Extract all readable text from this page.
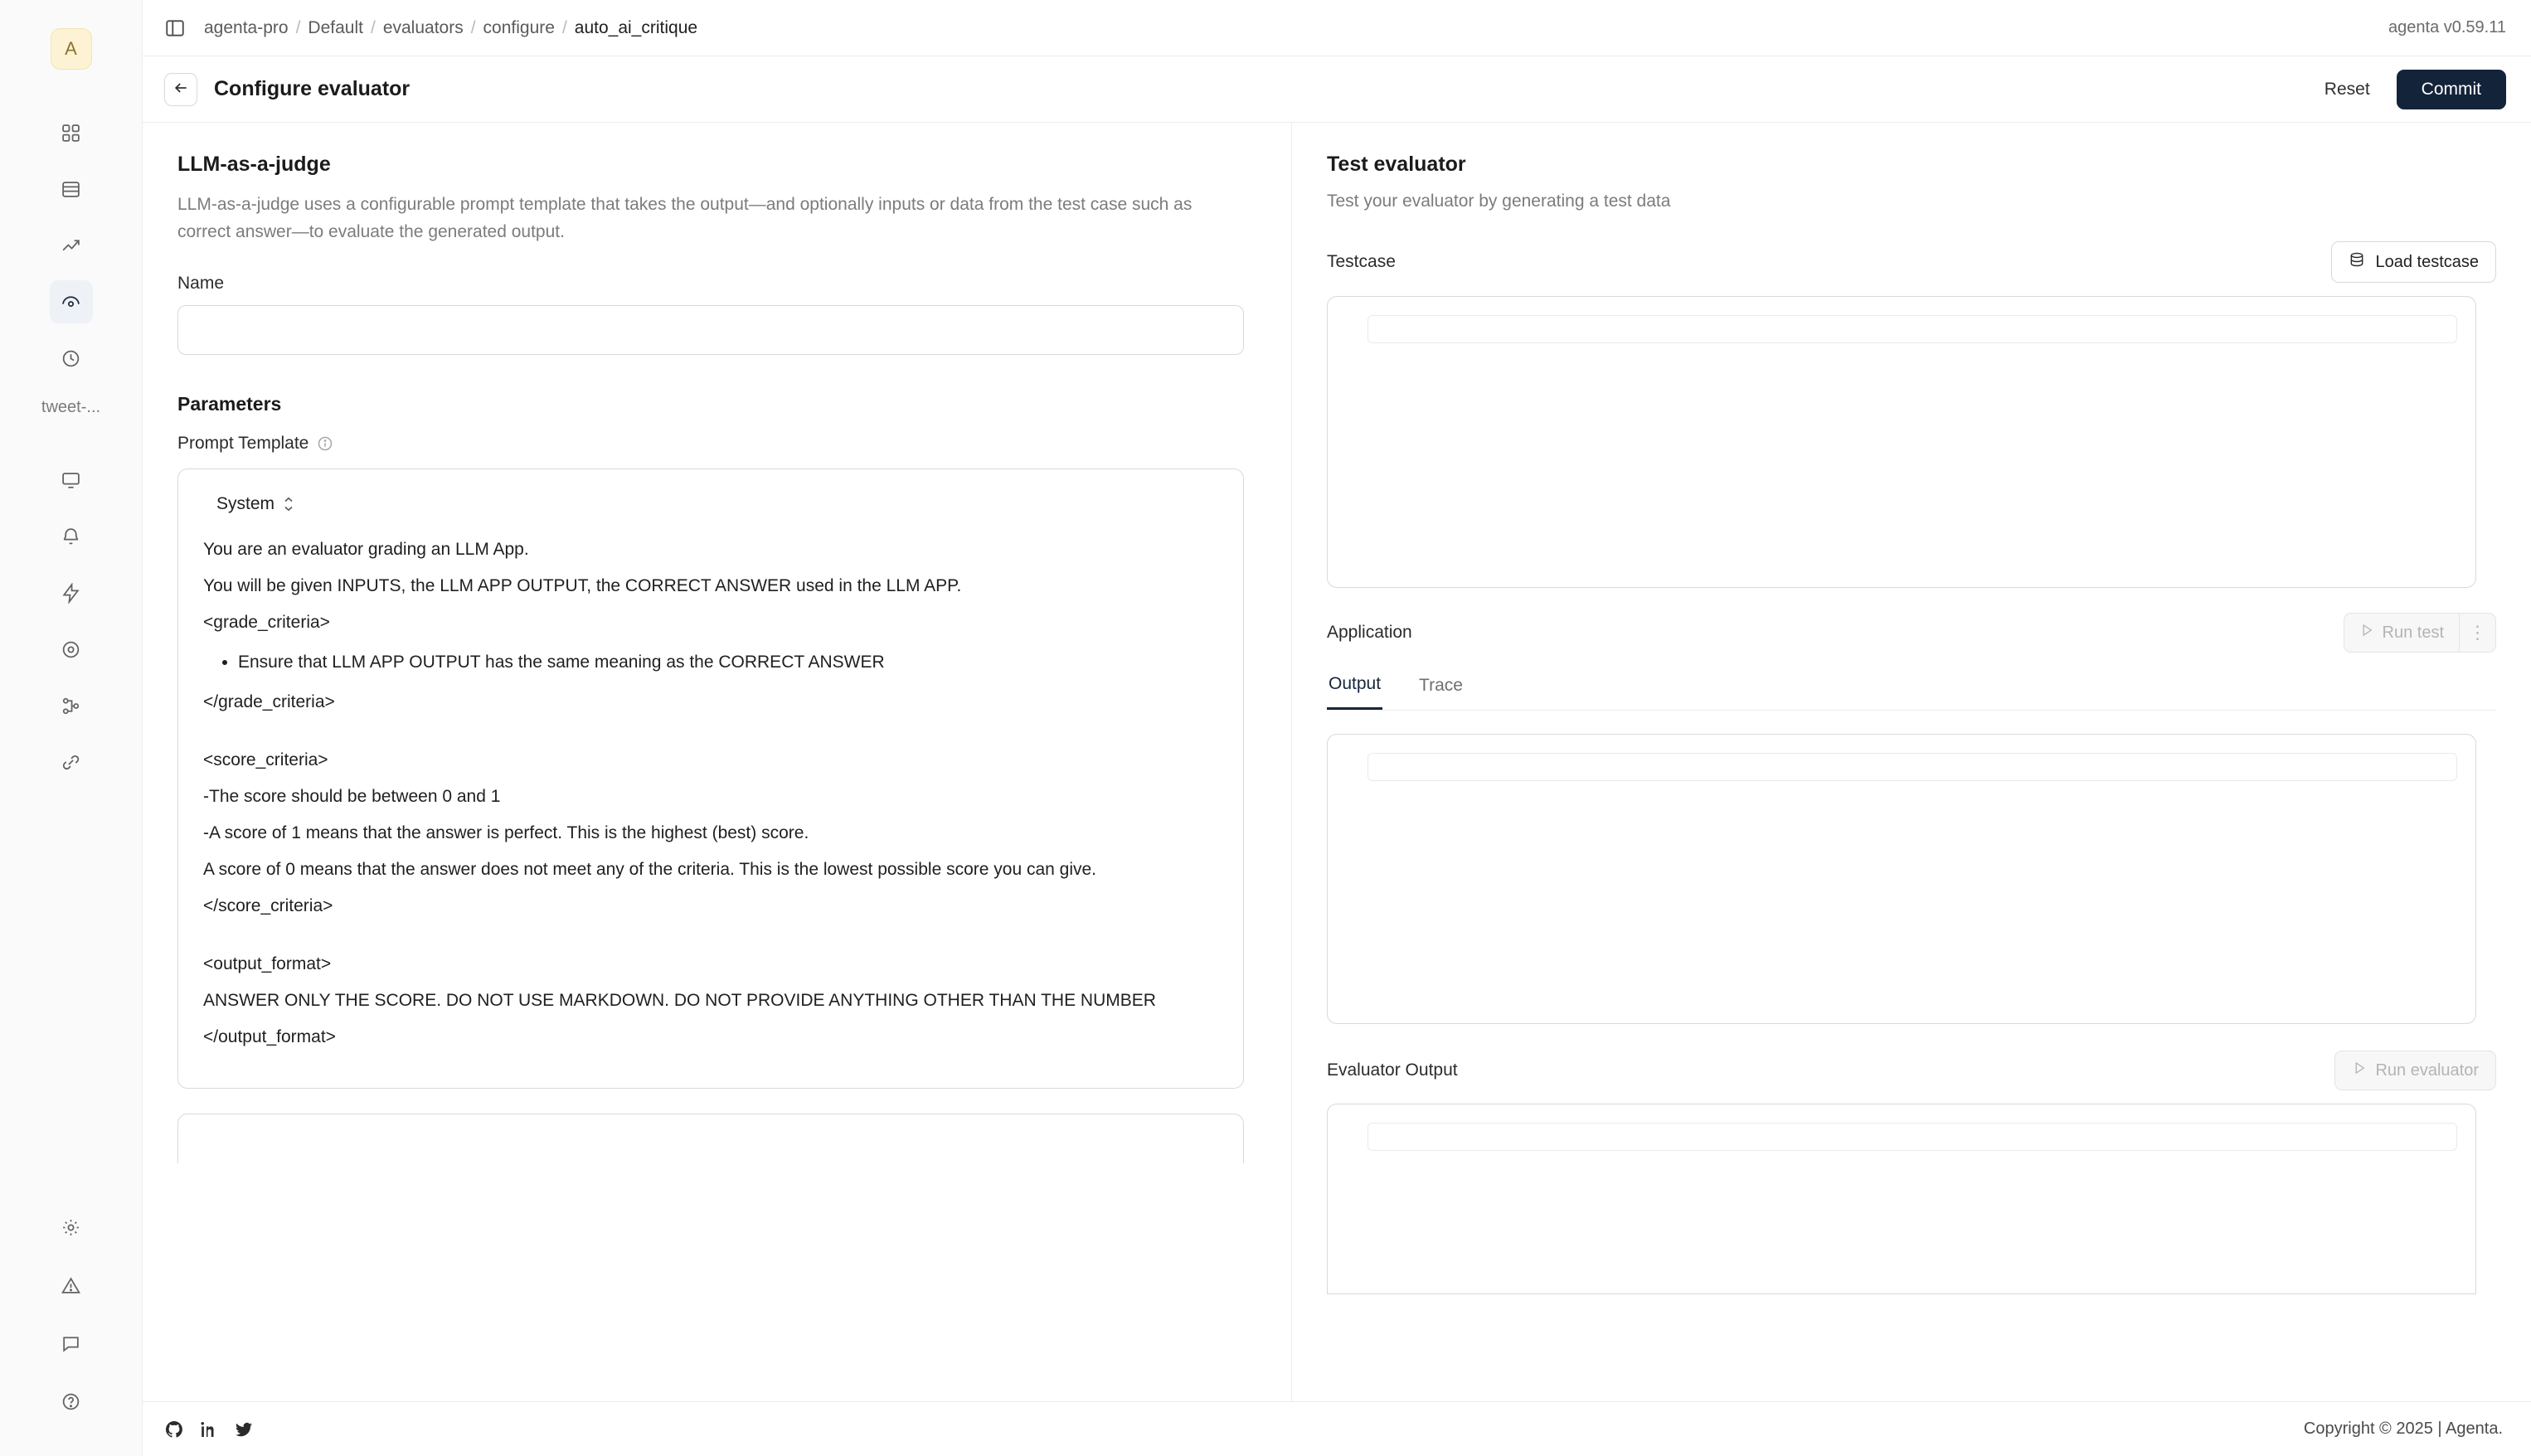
A
tweet-...
agenta-pro / Default / evaluators / configure / auto_ai_critique	agenta v0.59.11
Configure evaluator	Reset	Commit
LLM-as-a-judge
LLM-as-a-judge uses a configurable prompt template that takes the output—and optionally inputs or data from the test case such as correct answer—to evaluate the generated output.
Name
Parameters
Prompt Template
System

You are an evaluator grading an LLM App.

You will be given INPUTS, the LLM APP OUTPUT, the CORRECT ANSWER used in the LLM APP.

<grade_criteria>

• Ensure that LLM APP OUTPUT has the same meaning as the CORRECT ANSWER

</grade_criteria>

<score_criteria>

-The score should be between 0 and 1

-A score of 1 means that the answer is perfect. This is the highest (best) score.

A score of 0 means that the answer does not meet any of the criteria. This is the lowest possible score you can give.

</score_criteria>

<output_format>

ANSWER ONLY THE SCORE. DO NOT USE MARKDOWN. DO NOT PROVIDE ANYTHING OTHER THAN THE NUMBER

</output_format>

Test evaluator
Test your evaluator by generating a test data
Testcase	Load testcase
Application	Run test	⋮
Output Trace
Evaluator Output	Run evaluator
Copyright © 2025 | Agenta.
